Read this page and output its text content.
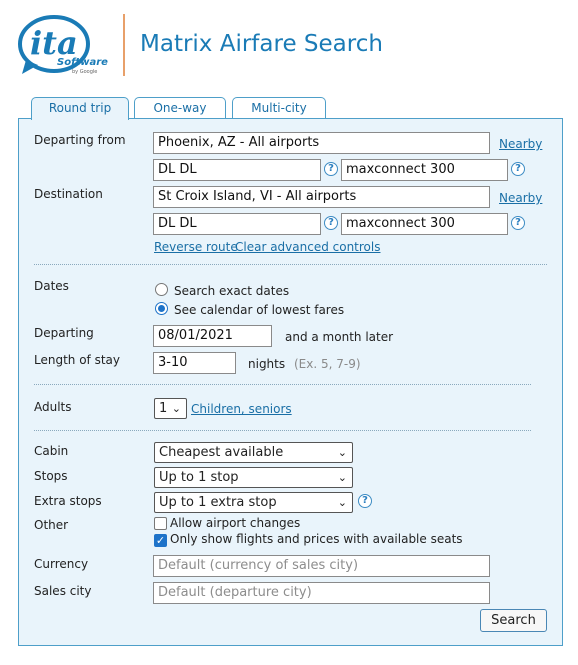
ita
Software
by Google
Matrix Airfare Search
Round trip	One-way	Multi-city
Departing from	Phoenix, AZ - All airports	Nearby
DL DL	? maxconnect 300	?
Destination	St Croix Island, VI - All airports	Nearby
DL DL	? maxconnect 300	?
Reverse route
Clear advanced controls
Dates	Search exact dates
See calendar of lowest fares
Departing	08/01/2021	and a month later
Length of stay	3-10	nights (Ex. 5, 7-9)
Adults	1 ⌄ Children, seniors
Cabin	Cheapest available	⌄
Stops	Up to 1 stop	⌄
Extra stops	Up to 1 extra stop	⌄	?
Other	Allow airport changes
✓ Only show flights and prices with available seats
Currency	Default (currency of sales city)
Sales city	Default (departure city)
Search
